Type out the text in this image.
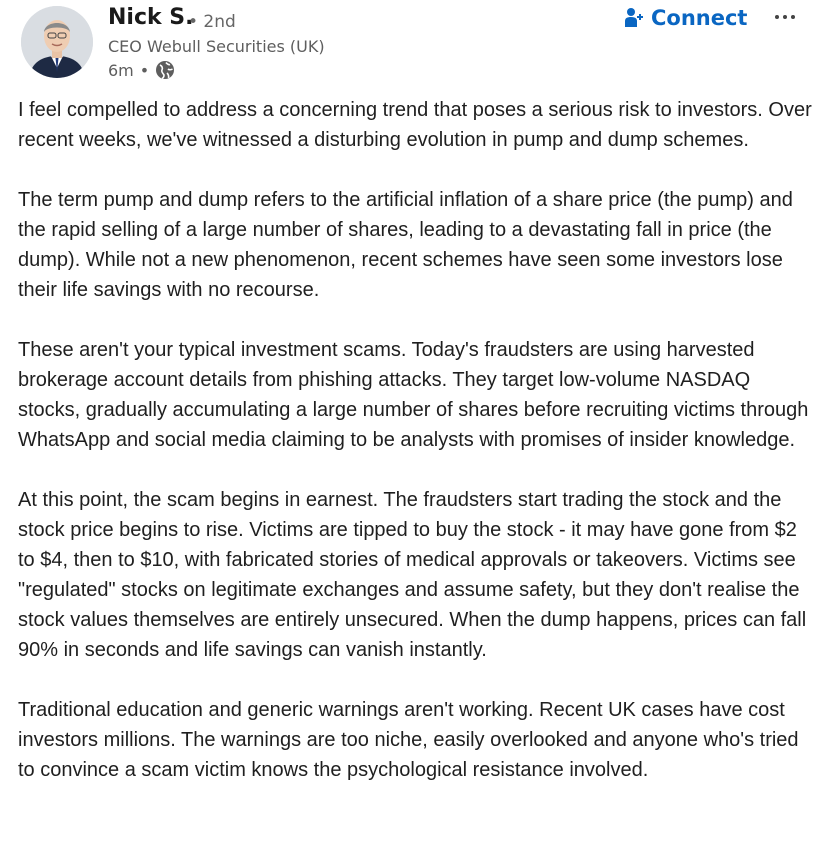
Nick S.
• 2nd
CEO Webull Securities (UK)
6m •
Connect

I feel compelled to address a concerning trend that poses a serious risk to investors. Over recent weeks, we've witnessed a disturbing evolution in pump and dump schemes.

The term pump and dump refers to the artificial inflation of a share price (the pump) and the rapid selling of a large number of shares, leading to a devastating fall in price (the dump). While not a new phenomenon, recent schemes have seen some investors lose their life savings with no recourse.

These aren't your typical investment scams. Today's fraudsters are using harvested brokerage account details from phishing attacks. They target low-volume NASDAQ stocks, gradually accumulating a large number of shares before recruiting victims through WhatsApp and social media claiming to be analysts with promises of insider knowledge.

At this point, the scam begins in earnest. The fraudsters start trading the stock and the stock price begins to rise. Victims are tipped to buy the stock - it may have gone from $2 to $4, then to $10, with fabricated stories of medical approvals or takeovers. Victims see "regulated" stocks on legitimate exchanges and assume safety, but they don't realise the stock values themselves are entirely unsecured. When the dump happens, prices can fall 90% in seconds and life savings can vanish instantly.

Traditional education and generic warnings aren't working. Recent UK cases have cost investors millions. The warnings are too niche, easily overlooked and anyone who's tried to convince a scam victim knows the psychological resistance involved.
